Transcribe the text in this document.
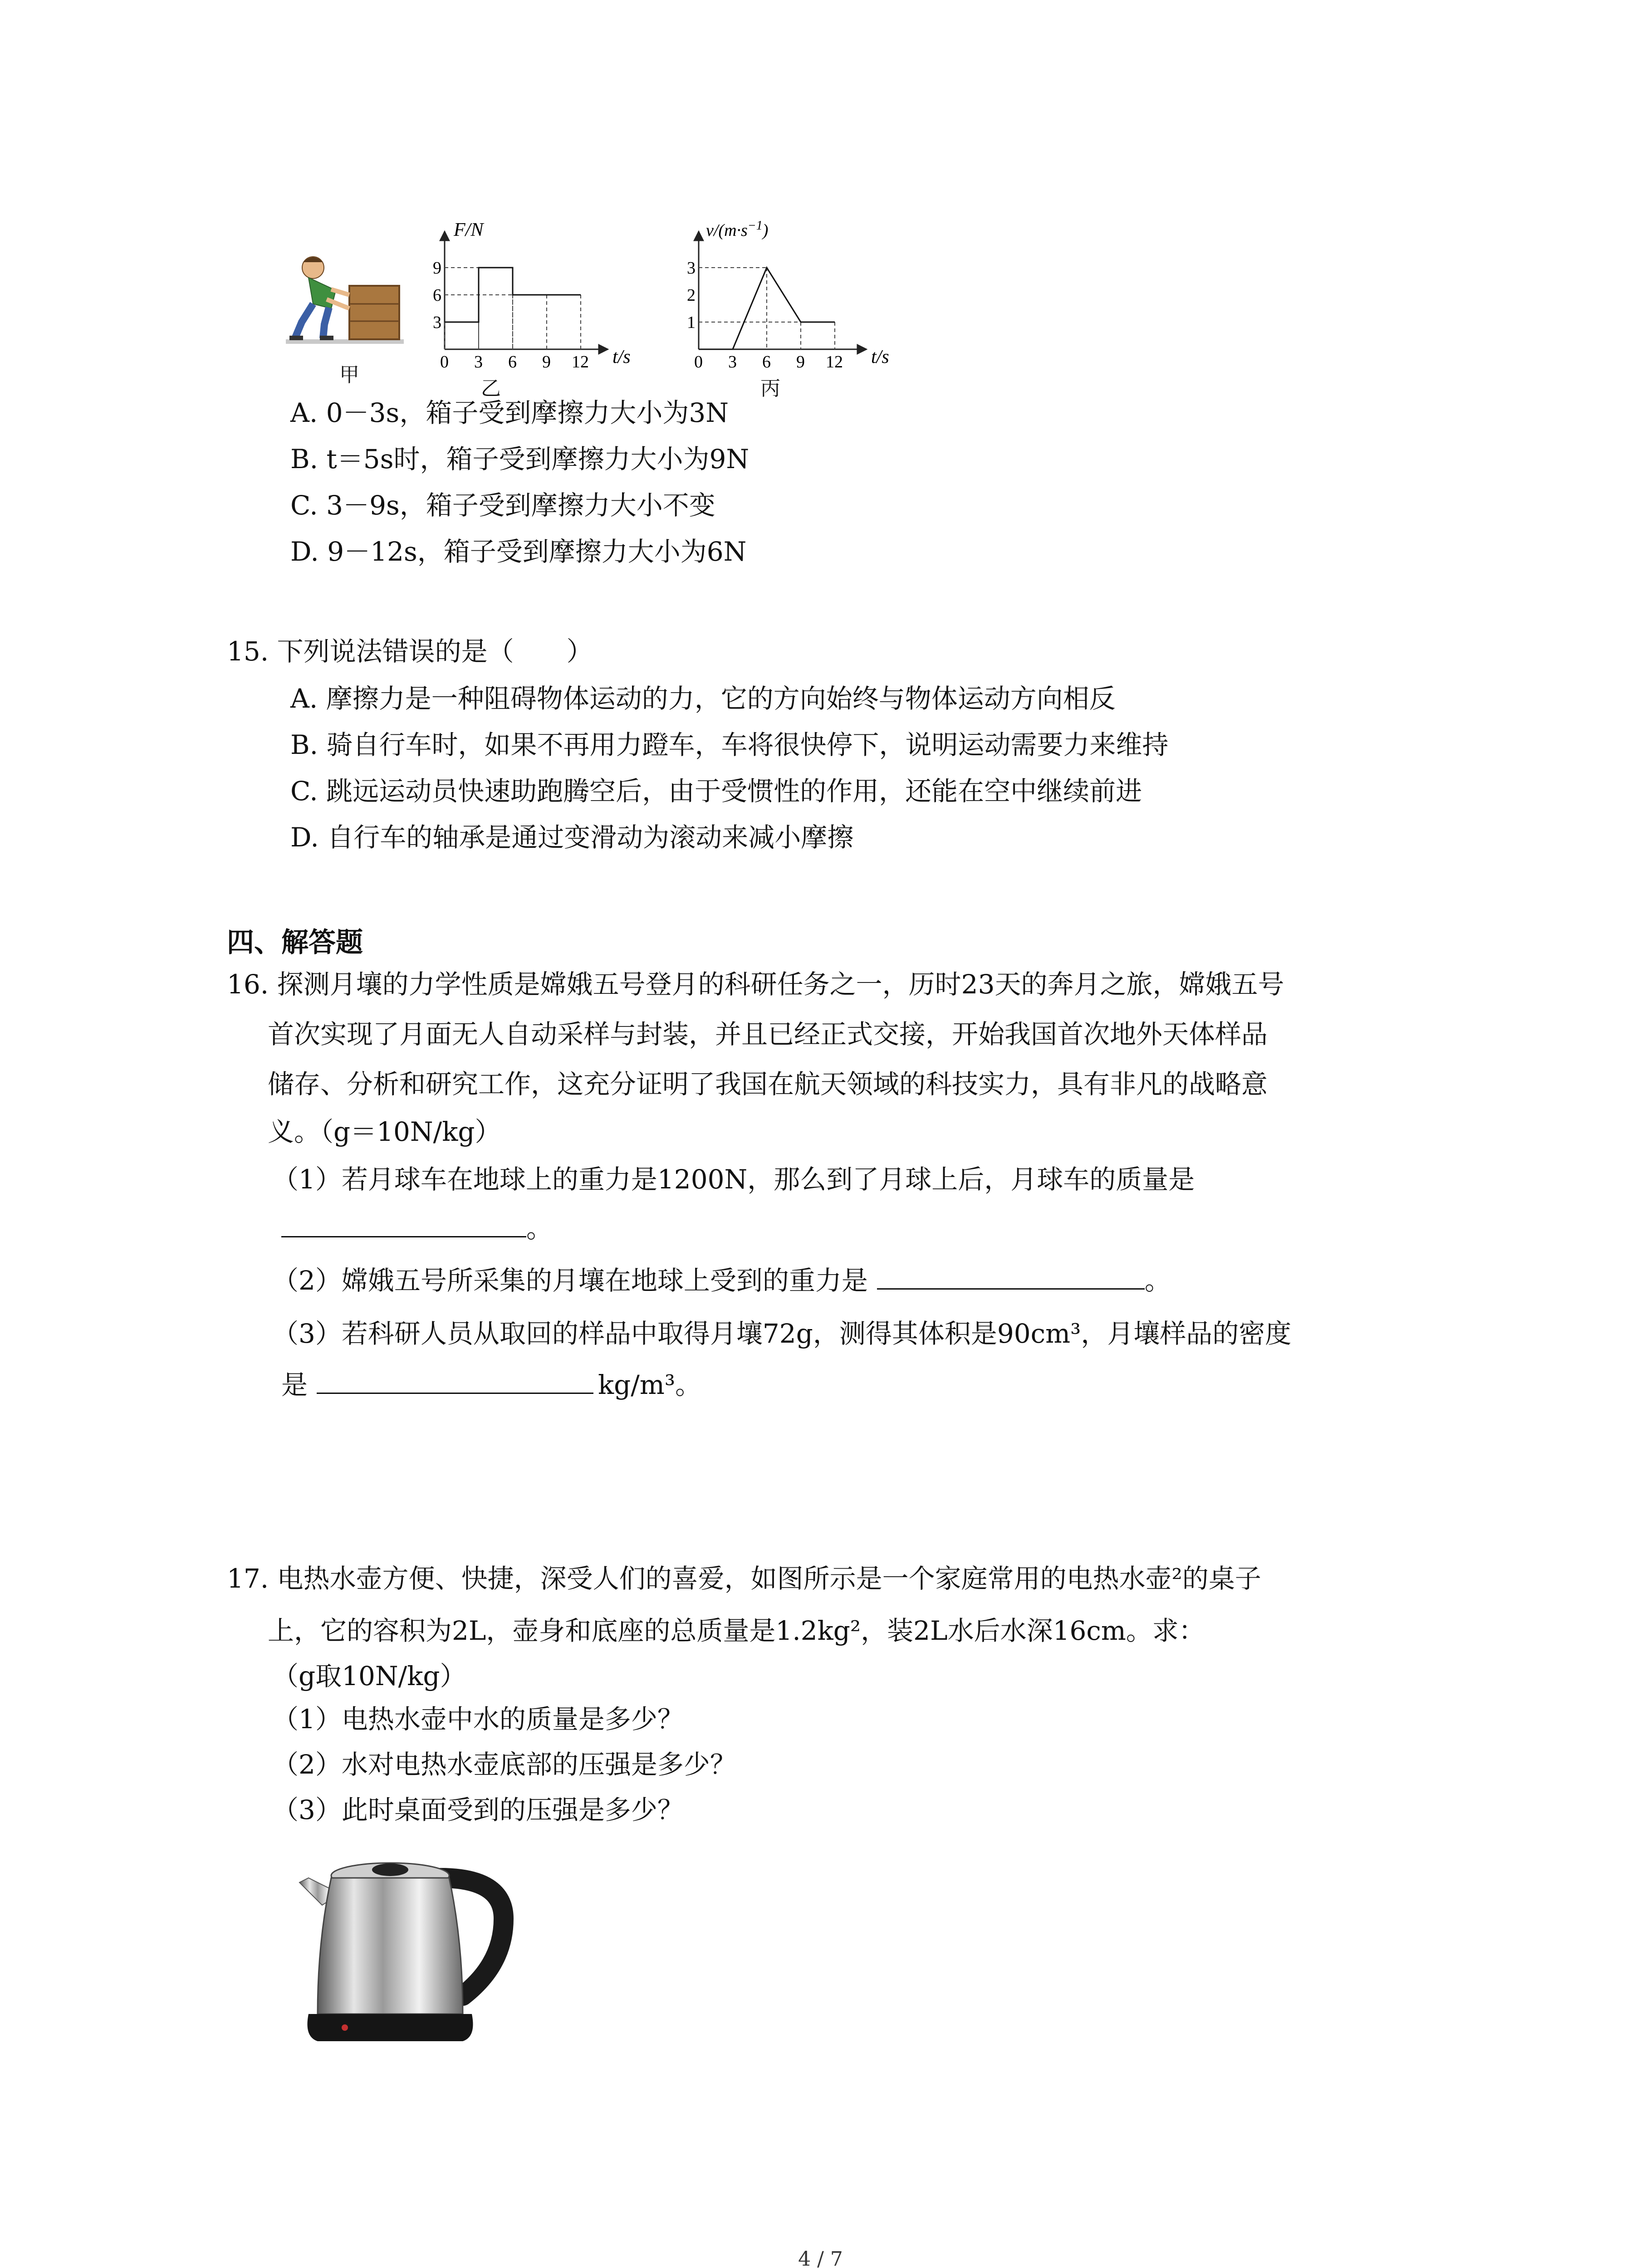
甲
F/N
t/s
9
6
3
0 3 6 9 12
乙
$v/(m\cdot s^{-1})$
t/s
3
2
1
0 3 6 9 12
丙
A. 0－3s，箱子受到摩擦力大小为3N
B. t＝5s时，箱子受到摩擦力大小为9N
C. 3－9s，箱子受到摩擦力大小不变
D. 9－12s，箱子受到摩擦力大小为6N
15. 下列说法错误的是（　　）
A. 摩擦力是一种阻碍物体运动的力，它的方向始终与物体运动方向相反
B. 骑自行车时，如果不再用力蹬车，车将很快停下，说明运动需要力来维持
C. 跳远运动员快速助跑腾空后，由于受惯性的作用，还能在空中继续前进
D. 自行车的轴承是通过变滑动为滚动来减小摩擦
四、解答题
16. 探测月壤的力学性质是嫦娥五号登月的科研任务之一，历时23天的奔月之旅，嫦娥五号
首次实现了月面无人自动采样与封装，并且已经正式交接，开始我国首次地外天体样品
储存、分析和研究工作，这充分证明了我国在航天领域的科技实力，具有非凡的战略意
义。（g＝10N/kg）
（1）若月球车在地球上的重力是1200N，那么到了月球上后，月球车的质量是
。
（2）嫦娥五号所采集的月壤在地球上受到的重力是	。
（3）若科研人员从取回的样品中取得月壤72g，测得其体积是90cm³，月壤样品的密度
是	kg/m³。
17. 电热水壶方便、快捷，深受人们的喜爱，如图所示是一个家庭常用的电热水壶²的桌子
上，它的容积为2L，壶身和底座的总质量是1.2kg²，装2L水后水深16cm。求：
（g取10N/kg）
（1）电热水壶中水的质量是多少？
（2）水对电热水壶底部的压强是多少？
（3）此时桌面受到的压强是多少？
4 / 7
